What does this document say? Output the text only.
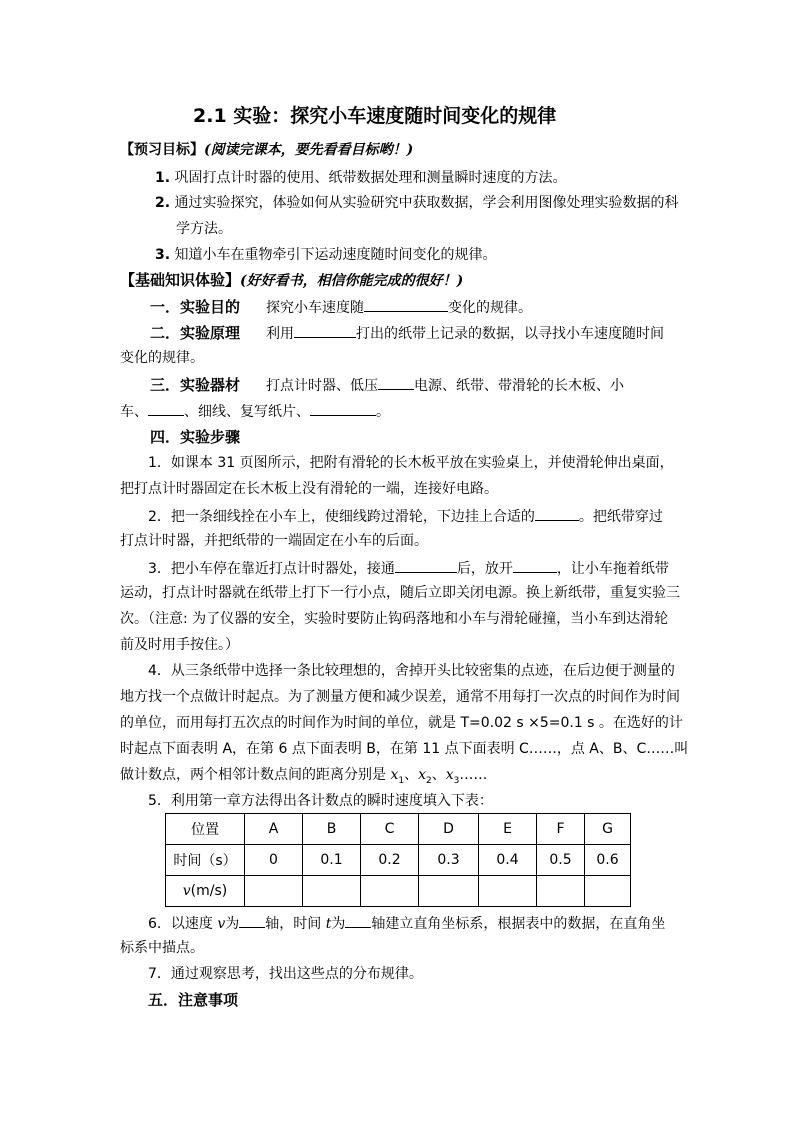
2.1 实验：探究小车速度随时间变化的规律
【预习目标】(阅读完课本，要先看看目标哟！)
1. 巩固打点计时器的使用、纸带数据处理和测量瞬时速度的方法。
2. 通过实验探究，体验如何从实验研究中获取数据，学会利用图像处理实验数据的科
学方法。
3. 知道小车在重物牵引下运动速度随时间变化的规律。
【基础知识体验】(好好看书，相信你能完成的很好！)
一．实验目的 探究小车速度随	变化的规律。
二．实验原理 利用	打出的纸带上记录的数据，以寻找小车速度随时间
变化的规律。
三．实验器材 打点计时器、低压	电源、纸带、带滑轮的长木板、小
车、	、细线、复写纸片、	。
四．实验步骤
1．如课本 31 页图所示，把附有滑轮的长木板平放在实验桌上，并使滑轮伸出桌面，
把打点计时器固定在长木板上没有滑轮的一端，连接好电路。
2．把一条细线拴在小车上，使细线跨过滑轮，下边挂上合适的	。把纸带穿过
打点计时器，并把纸带的一端固定在小车的后面。
3．把小车停在靠近打点计时器处，接通	后，放开	，让小车拖着纸带
运动，打点计时器就在纸带上打下一行小点，随后立即关闭电源。换上新纸带，重复实验三
次。（注意: 为了仪器的安全，实验时要防止钩码落地和小车与滑轮碰撞，当小车到达滑轮
前及时用手按住。）
4．从三条纸带中选择一条比较理想的，舍掉开头比较密集的点迹，在后边便于测量的
地方找一个点做计时起点。为了测量方便和减少误差，通常不用每打一次点的时间作为时间
的单位，而用每打五次点的时间作为时间的单位，就是 T=0.02 s ×5=0.1 s 。在选好的计
时起点下面表明 A，在第 6 点下面表明 B，在第 11 点下面表明 C……，点 A、B、C……叫
做计数点，两个相邻计数点间的距离分别是 $x_1$、$x_2$、$x_3\dots\dots$
5．利用第一章方法得出各计数点的瞬时速度填入下表：
位置	A	B	C	D	E	F	G
时间（s）	0	0.1	0.2	0.3	0.4	0.5	0.6
v(m/s)							
6．以速度 v为 轴，时间 t为 轴建立直角坐标系，根据表中的数据，在直角坐
标系中描点。
7．通过观察思考，找出这些点的分布规律。
五．注意事项
